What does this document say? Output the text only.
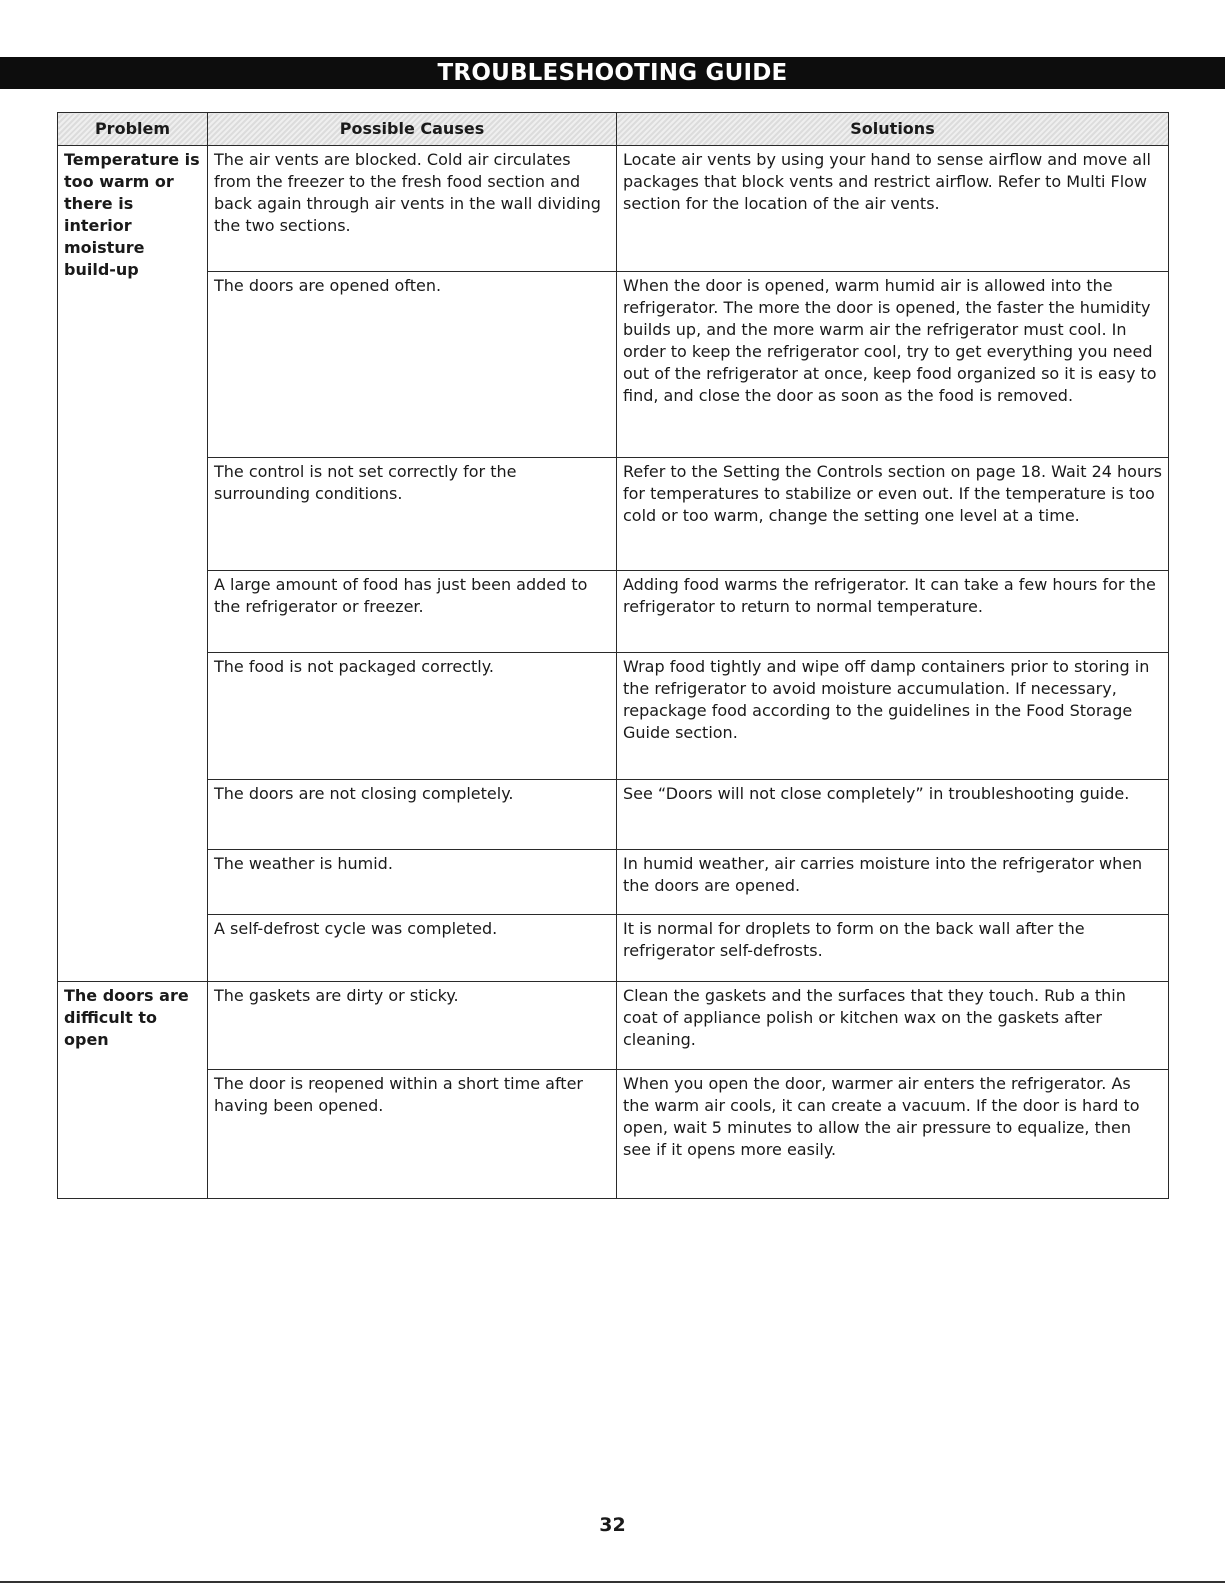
TROUBLESHOOTING GUIDE
Problem	Possible Causes	Solutions
Temperature is too warm or there is interior moisture build-up	The air vents are blocked. Cold air circulates from the freezer to the fresh food section and back again through air vents in the wall dividing the two sections.	Locate air vents by using your hand to sense airflow and move all packages that block vents and restrict airflow. Refer to Multi Flow section for the location of the air vents.
	The doors are opened often.	When the door is opened, warm humid air is allowed into the refrigerator. The more the door is opened, the faster the humidity builds up, and the more warm air the refrigerator must cool. In order to keep the refrigerator cool, try to get everything you need out of the refrigerator at once, keep food organized so it is easy to find, and close the door as soon as the food is removed.
	The control is not set correctly for the surrounding conditions.	Refer to the Setting the Controls section on page 18. Wait 24 hours for temperatures to stabilize or even out. If the temperature is too cold or too warm, change the setting one level at a time.
	A large amount of food has just been added to the refrigerator or freezer.	Adding food warms the refrigerator. It can take a few hours for the refrigerator to return to normal temperature.
	The food is not packaged correctly.	Wrap food tightly and wipe off damp containers prior to storing in the refrigerator to avoid moisture accumulation. If necessary, repackage food according to the guidelines in the Food Storage Guide section.
	The doors are not closing completely.	See “Doors will not close completely” in troubleshooting guide.
	The weather is humid.	In humid weather, air carries moisture into the refrigerator when the doors are opened.
	A self-defrost cycle was completed.	It is normal for droplets to form on the back wall after the refrigerator self-defrosts.
The doors are difficult to open	The gaskets are dirty or sticky.	Clean the gaskets and the surfaces that they touch. Rub a thin coat of appliance polish or kitchen wax on the gaskets after cleaning.
	The door is reopened within a short time after having been opened.	When you open the door, warmer air enters the refrigerator. As the warm air cools, it can create a vacuum. If the door is hard to open, wait 5 minutes to allow the air pressure to equalize, then see if it opens more easily.
32
